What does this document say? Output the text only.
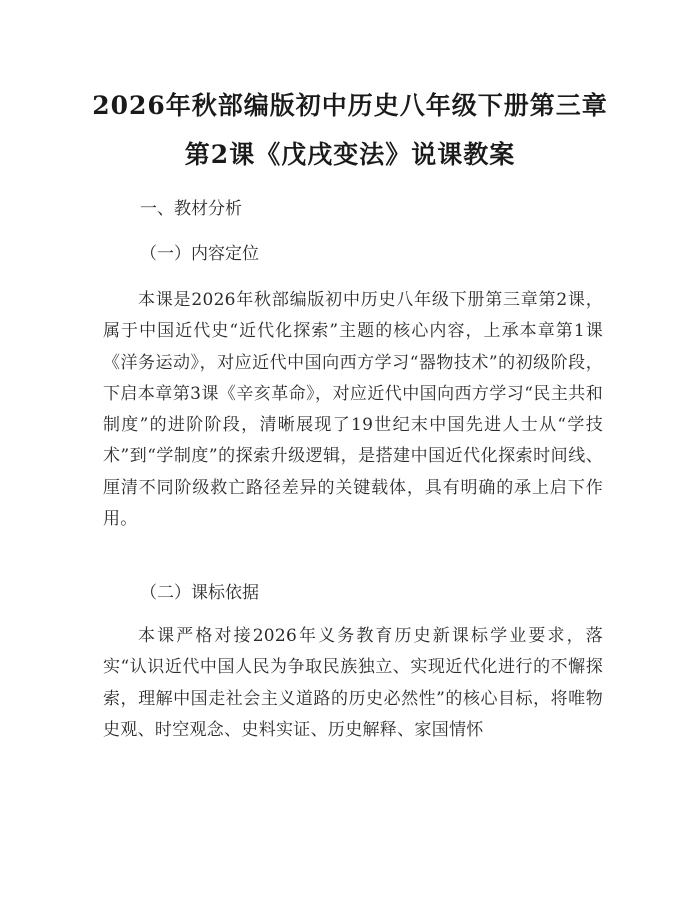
2026年秋部编版初中历史八年级下册第三章
第2课《戊戌变法》说课教案
一、教材分析
（一）内容定位
本课是2026年秋部编版初中历史八年级下册第三章第2课，属于中国近代史“近代化探索”主题的核心内容，上承本章第1课《洋务运动》，对应近代中国向西方学习“器物技术”的初级阶段，下启本章第3课《辛亥革命》，对应近代中国向西方学习“民主共和制度”的进阶阶段，清晰展现了19世纪末中国先进人士从“学技术”到“学制度”的探索升级逻辑，是搭建中国近代化探索时间线、厘清不同阶级救亡路径差异的关键载体，具有明确的承上启下作用。
（二）课标依据
本课严格对接2026年义务教育历史新课标学业要求，落实“认识近代中国人民为争取民族独立、实现近代化进行的不懈探索，理解中国走社会主义道路的历史必然性”的核心目标，将唯物史观、时空观念、史料实证、历史解释、家国情怀
